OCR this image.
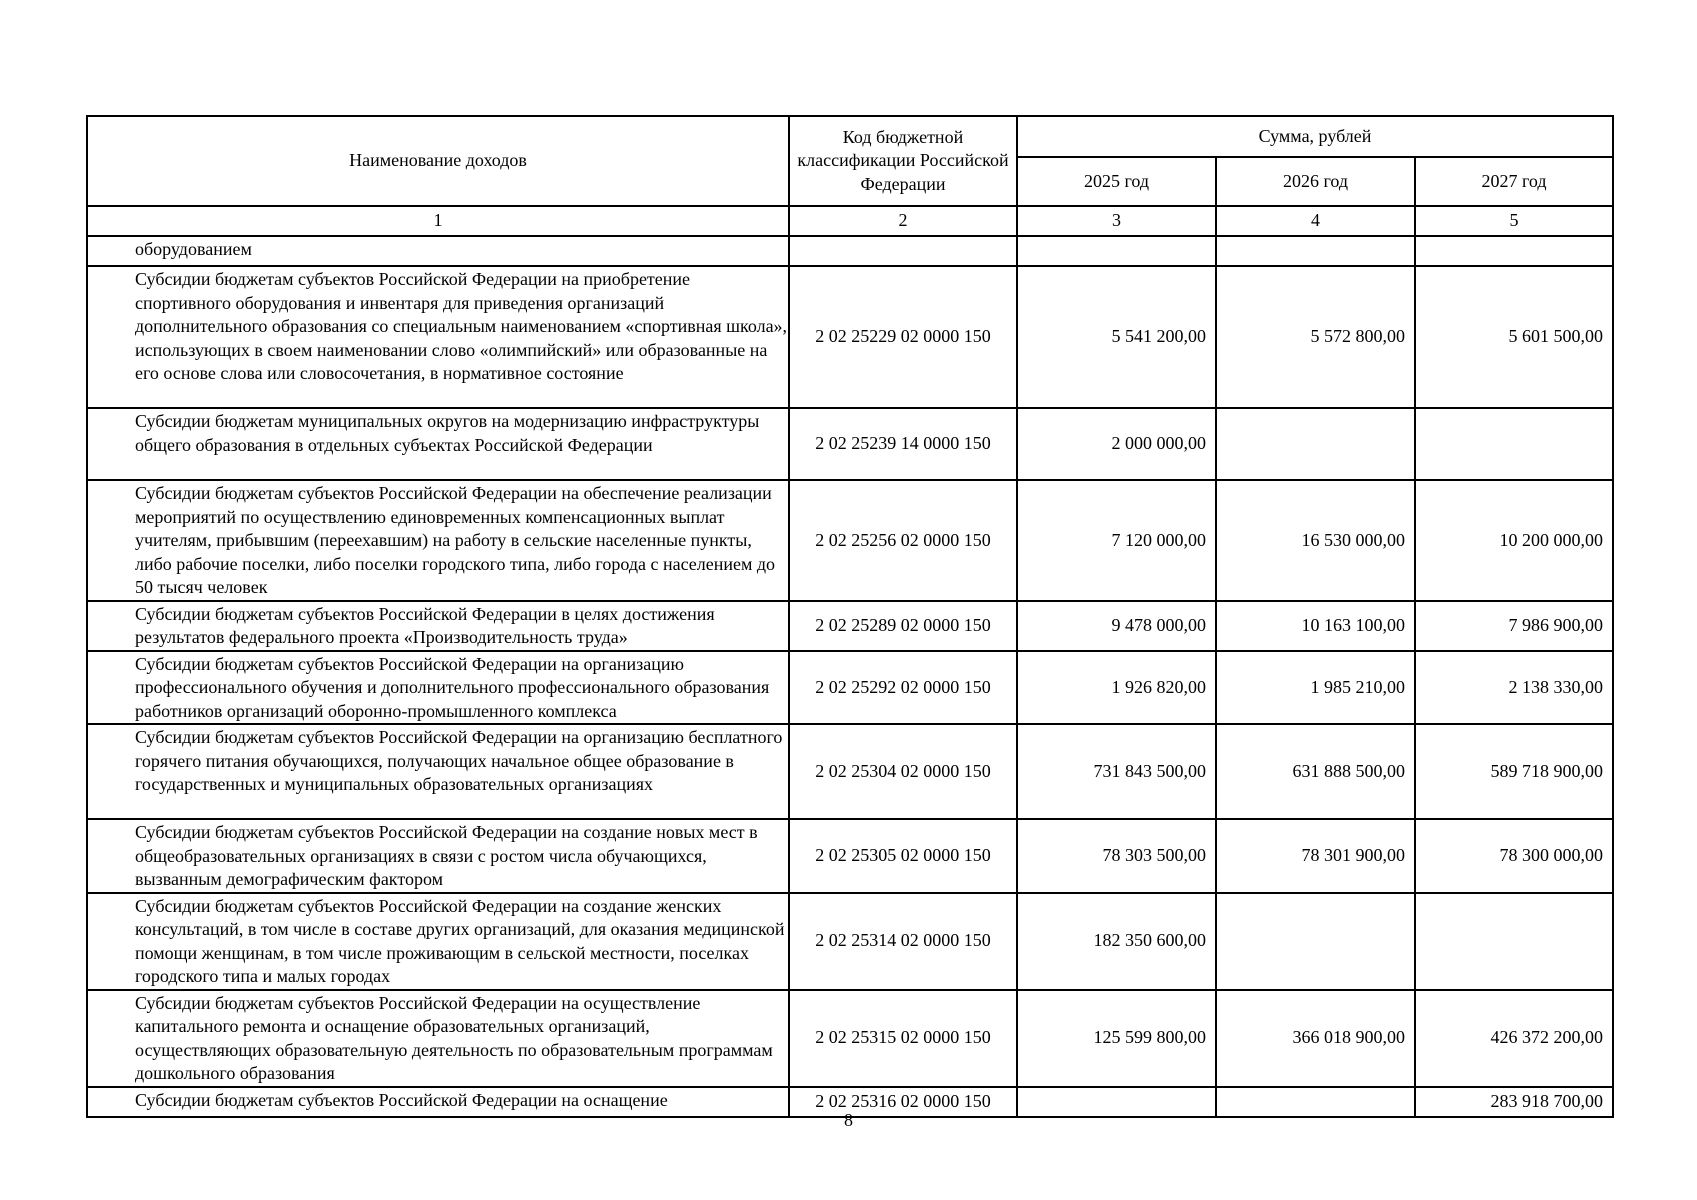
Наименование доходов	Код бюджетной классификации Российской Федерации	Сумма, рублей		
		2025 год	2026 год	2027 год
1	2	3	4	5
оборудованием				
Субсидии бюджетам субъектов Российской Федерации на приобретение спортивного оборудования и инвентаря для приведения организаций дополнительного образования со специальным наименованием «спортивная школа», использующих в своем наименовании слово «олимпийский» или образованные на его основе слова или словосочетания, в нормативное состояние	2 02 25229 02 0000 150	5 541 200,00	5 572 800,00	5 601 500,00
Субсидии бюджетам муниципальных округов на модернизацию инфраструктуры общего образования в отдельных субъектах Российской Федерации	2 02 25239 14 0000 150	2 000 000,00		
Субсидии бюджетам субъектов Российской Федерации на обеспечение реализации мероприятий по осуществлению единовременных компенсационных выплат учителям, прибывшим (переехавшим) на работу в сельские населенные пункты, либо рабочие поселки, либо поселки городского типа, либо города с населением до 50 тысяч человек	2 02 25256 02 0000 150	7 120 000,00	16 530 000,00	10 200 000,00
Субсидии бюджетам субъектов Российской Федерации в целях достижения результатов федерального проекта «Производительность труда»	2 02 25289 02 0000 150	9 478 000,00	10 163 100,00	7 986 900,00
Субсидии бюджетам субъектов Российской Федерации на организацию профессионального обучения и дополнительного профессионального образования работников организаций оборонно-промышленного комплекса	2 02 25292 02 0000 150	1 926 820,00	1 985 210,00	2 138 330,00
Субсидии бюджетам субъектов Российской Федерации на организацию бесплатного горячего питания обучающихся, получающих начальное общее образование в государственных и муниципальных образовательных организациях	2 02 25304 02 0000 150	731 843 500,00	631 888 500,00	589 718 900,00
Субсидии бюджетам субъектов Российской Федерации на создание новых мест в общеобразовательных организациях в связи с ростом числа обучающихся, вызванным демографическим фактором	2 02 25305 02 0000 150	78 303 500,00	78 301 900,00	78 300 000,00
Субсидии бюджетам субъектов Российской Федерации на создание женских консультаций, в том числе в составе других организаций, для оказания медицинской помощи женщинам, в том числе проживающим в сельской местности, поселках городского типа и малых городах	2 02 25314 02 0000 150	182 350 600,00		
Субсидии бюджетам субъектов Российской Федерации на осуществление капитального ремонта и оснащение образовательных организаций, осуществляющих образовательную деятельность по образовательным программам дошкольного образования	2 02 25315 02 0000 150	125 599 800,00	366 018 900,00	426 372 200,00
Субсидии бюджетам субъектов Российской Федерации на оснащение	2 02 25316 02 0000 150			283 918 700,00
8
